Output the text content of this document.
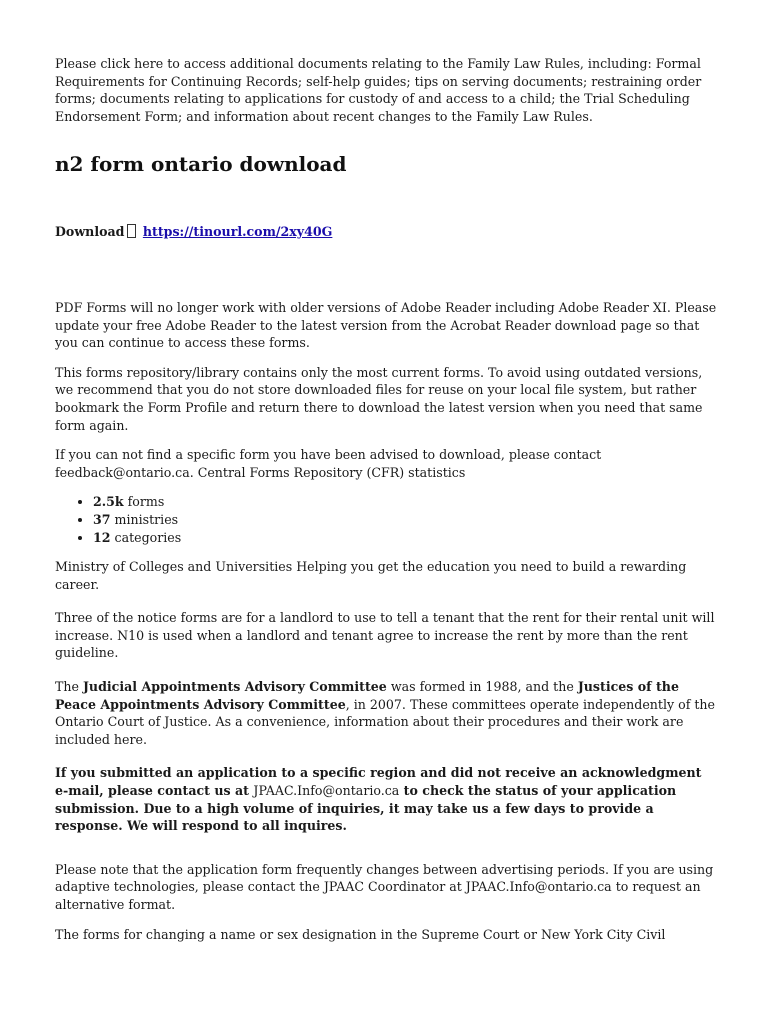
Please click here to access additional documents relating to the Family Law Rules, including: Formal Requirements for Continuing Records; self-help guides; tips on serving documents; restraining order forms; documents relating to applications for custody of and access to a child; the Trial Scheduling Endorsement Form; and information about recent changes to the Family Law Rules.

n2 form ontario download

Download https://tinourl.com/2xy40G

PDF Forms will no longer work with older versions of Adobe Reader including Adobe Reader XI. Please update your free Adobe Reader to the latest version from the Acrobat Reader download page so that you can continue to access these forms.

This forms repository/library contains only the most current forms. To avoid using outdated versions, we recommend that you do not store downloaded files for reuse on your local file system, but rather bookmark the Form Profile and return there to download the latest version when you need that same form again.

If you can not find a specific form you have been advised to download, please contact feedback@ontario.ca. Central Forms Repository (CFR) statistics

• 2.5k forms
• 37 ministries
• 12 categories

Ministry of Colleges and Universities Helping you get the education you need to build a rewarding career.

Three of the notice forms are for a landlord to use to tell a tenant that the rent for their rental unit will increase. N10 is used when a landlord and tenant agree to increase the rent by more than the rent guideline.

The Judicial Appointments Advisory Committee was formed in 1988, and the Justices of the Peace Appointments Advisory Committee, in 2007. These committees operate independently of the Ontario Court of Justice. As a convenience, information about their procedures and their work are included here.

If you submitted an application to a specific region and did not receive an acknowledgment e-mail, please contact us at JPAAC.Info@ontario.ca to check the status of your application submission. Due to a high volume of inquiries, it may take us a few days to provide a response. We will respond to all inquires.

Please note that the application form frequently changes between advertising periods. If you are using adaptive technologies, please contact the JPAAC Coordinator at JPAAC.Info@ontario.ca to request an alternative format.

The forms for changing a name or sex designation in the Supreme Court or New York City Civil
